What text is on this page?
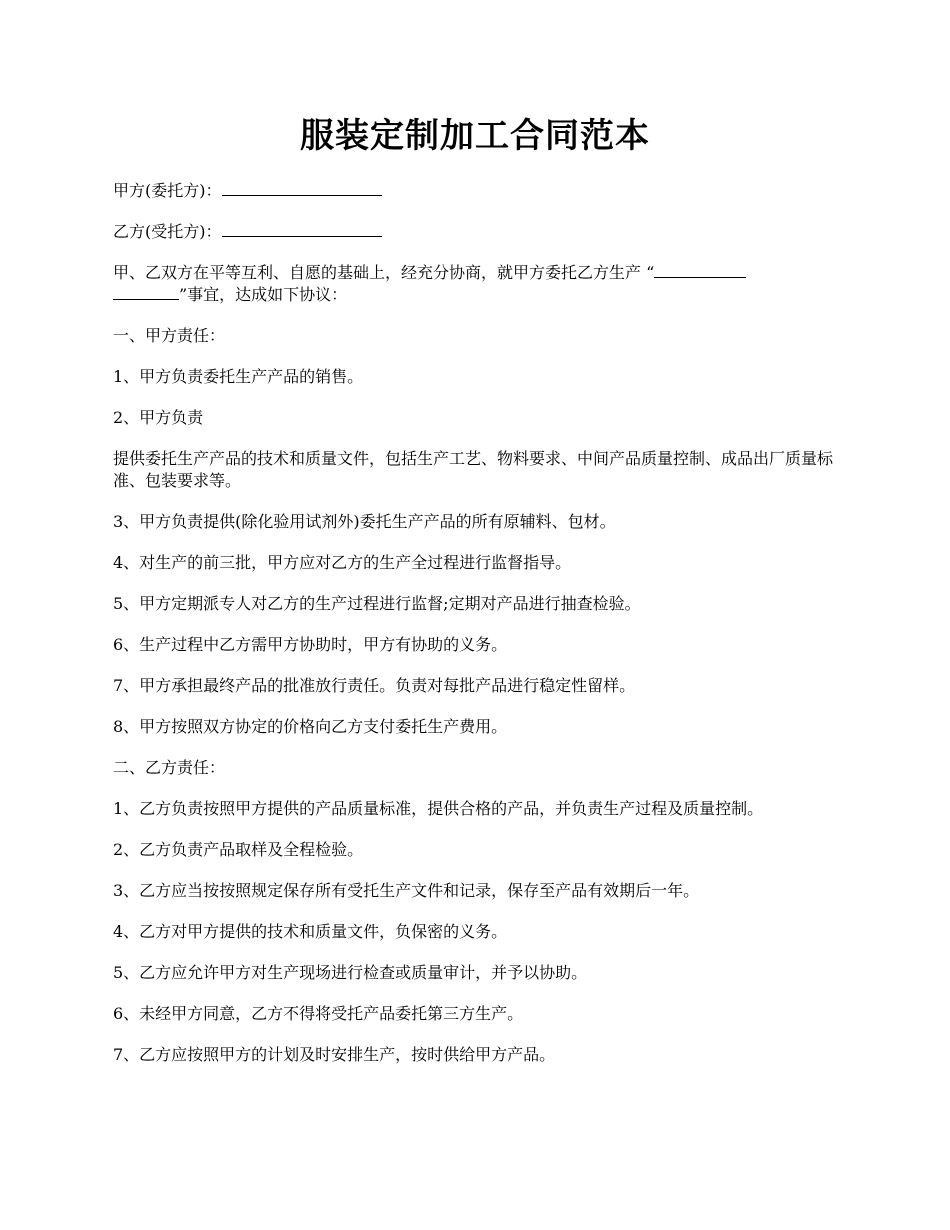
服装定制加工合同范本
甲方(委托方)：
乙方(受托方)：
甲、乙双方在平等互利、自愿的基础上，经充分协商，就甲方委托乙方生产 “
”事宜，达成如下协议：
一、甲方责任：
1、甲方负责委托生产产品的销售。
2、甲方负责
提供委托生产产品的技术和质量文件，包括生产工艺、物料要求、中间产品质量控制、成品出厂质量标准、包装要求等。
3、甲方负责提供(除化验用试剂外)委托生产产品的所有原辅料、包材。
4、对生产的前三批，甲方应对乙方的生产全过程进行监督指导。
5、甲方定期派专人对乙方的生产过程进行监督;定期对产品进行抽查检验。
6、生产过程中乙方需甲方协助时，甲方有协助的义务。
7、甲方承担最终产品的批准放行责任。负责对每批产品进行稳定性留样。
8、甲方按照双方协定的价格向乙方支付委托生产费用。
二、乙方责任：
1、乙方负责按照甲方提供的产品质量标准，提供合格的产品，并负责生产过程及质量控制。
2、乙方负责产品取样及全程检验。
3、乙方应当按按照规定保存所有受托生产文件和记录，保存至产品有效期后一年。
4、乙方对甲方提供的技术和质量文件，负保密的义务。
5、乙方应允许甲方对生产现场进行检查或质量审计，并予以协助。
6、未经甲方同意，乙方不得将受托产品委托第三方生产。
7、乙方应按照甲方的计划及时安排生产，按时供给甲方产品。
